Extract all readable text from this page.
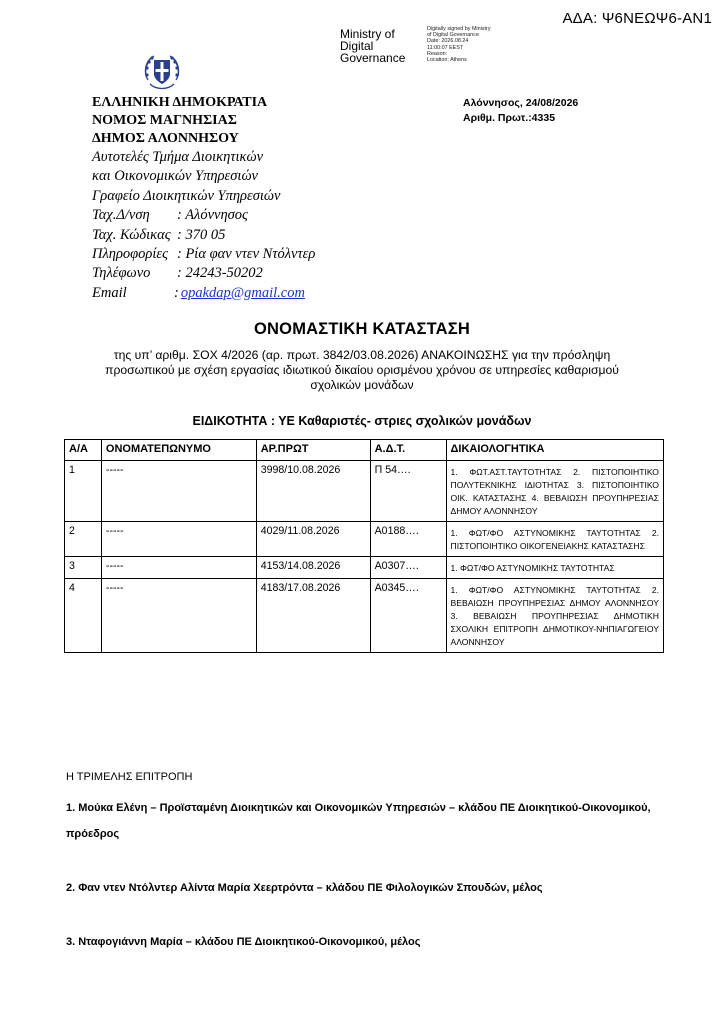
ΑΔΑ: Ψ6ΝΕΩΨ6-ΑΝ1
Ministry of Digital Governance
Digitally signed by Ministry
of Digital Governance
Date: 2026.08.24
11:00:07 EEST
Reason:
Location: Athens
ΕΛΛΗΝΙΚΗ ΔΗΜΟΚΡΑΤΙΑ
ΝΟΜΟΣ ΜΑΓΝΗΣΙΑΣ
ΔΗΜΟΣ ΑΛΟΝΝΗΣΟΥ
Αυτοτελές Τμήμα Διοικητικών
και Οικονομικών Υπηρεσιών
Γραφείο Διοικητικών Υπηρεσιών
Ταχ.Δ/νση	: Αλόννησος
Ταχ. Κώδικας : 370 05
Πληροφορίες : Ρία φαν ντεν Ντόλντερ
Τηλέφωνο	: 24243-50202
Email	: opakdap@gmail.com
Αλόννησος, 24/08/2026
Αριθμ. Πρωτ.:4335
ΟΝΟΜΑΣΤΙΚΗ ΚΑΤΑΣΤΑΣΗ
της υπ’ αριθμ. ΣΟΧ 4/2026 (αρ. πρωτ. 3842/03.08.2026) ΑΝΑΚΟΙΝΩΣΗΣ για την πρόσληψη προσωπικού με σχέση εργασίας ιδιωτικού δικαίου ορισμένου χρόνου σε υπηρεσίες καθαρισμού σχολικών μονάδων
ΕΙΔΙΚΟΤΗΤΑ : ΥΕ Καθαριστές- στριες σχολικών μονάδων
Α/Α	ΟΝΟΜΑΤΕΠΩΝΥΜΟ	ΑΡ.ΠΡΩΤ	Α.Δ.Τ.	ΔΙΚΑΙΟΛΟΓΗΤΙΚΑ
1	-----	3998/10.08.2026	Π 54….	1. ΦΩΤ.ΑΣΤ.ΤΑΥΤΟΤΗΤΑΣ 2. ΠΙΣΤΟΠΟΙΗΤΙΚΟ ΠΟΛΥΤΕΚΝΙΚΗΣ ΙΔΙΟΤΗΤΑΣ 3. ΠΙΣΤΟΠΟΙΗΤΙΚΟ ΟΙΚ. ΚΑΤΑΣΤΑΣΗΣ 4. ΒΕΒΑΙΩΣΗ ΠΡΟΥΠΗΡΕΣΙΑΣ ΔΗΜΟΥ ΑΛΟΝΝΗΣΟΥ
2	-----	4029/11.08.2026	Α0188….	1. ΦΩΤ/ΦΟ ΑΣΤΥΝΟΜΙΚΗΣ ΤΑΥΤΟΤΗΤΑΣ 2. ΠΙΣΤΟΠΟΙΗΤΙΚΟ ΟΙΚΟΓΕΝΕΙΑΚΗΣ ΚΑΤΑΣΤΑΣΗΣ
3	-----	4153/14.08.2026	Α0307….	1. ΦΩΤ/ΦΟ ΑΣΤΥΝΟΜΙΚΗΣ ΤΑΥΤΟΤΗΤΑΣ
4	-----	4183/17.08.2026	Α0345….	1. ΦΩΤ/ΦΟ ΑΣΤΥΝΟΜΙΚΗΣ ΤΑΥΤΟΤΗΤΑΣ 2. ΒΕΒΑΙΩΣΗ ΠΡΟΥΠΗΡΕΣΙΑΣ ΔΗΜΟΥ ΑΛΟΝΝΗΣΟΥ 3. ΒΕΒΑΙΩΣΗ ΠΡΟΥΠΗΡΕΣΙΑΣ ΔΗΜΟΤΙΚΗ ΣΧΟΛΙΚΗ ΕΠΙΤΡΟΠΗ ΔΗΜΟΤΙΚΟΥ-ΝΗΠΙΑΓΩΓΕΙΟΥ ΑΛΟΝΝΗΣΟΥ
Η ΤΡΙΜΕΛΗΣ ΕΠΙΤΡΟΠΗ
1. Μούκα Ελένη – Προϊσταμένη Διοικητικών και Οικονομικών Υπηρεσιών – κλάδου ΠΕ Διοικητικού-Οικονομικού, πρόεδρος
2. Φαν ντεν Ντόλντερ Αλίντα Μαρία Χεερτρόντα – κλάδου ΠΕ Φιλολογικών Σπουδών, μέλος
3. Νταφογιάννη Μαρία – κλάδου ΠΕ Διοικητικού-Οικονομικού, μέλος
